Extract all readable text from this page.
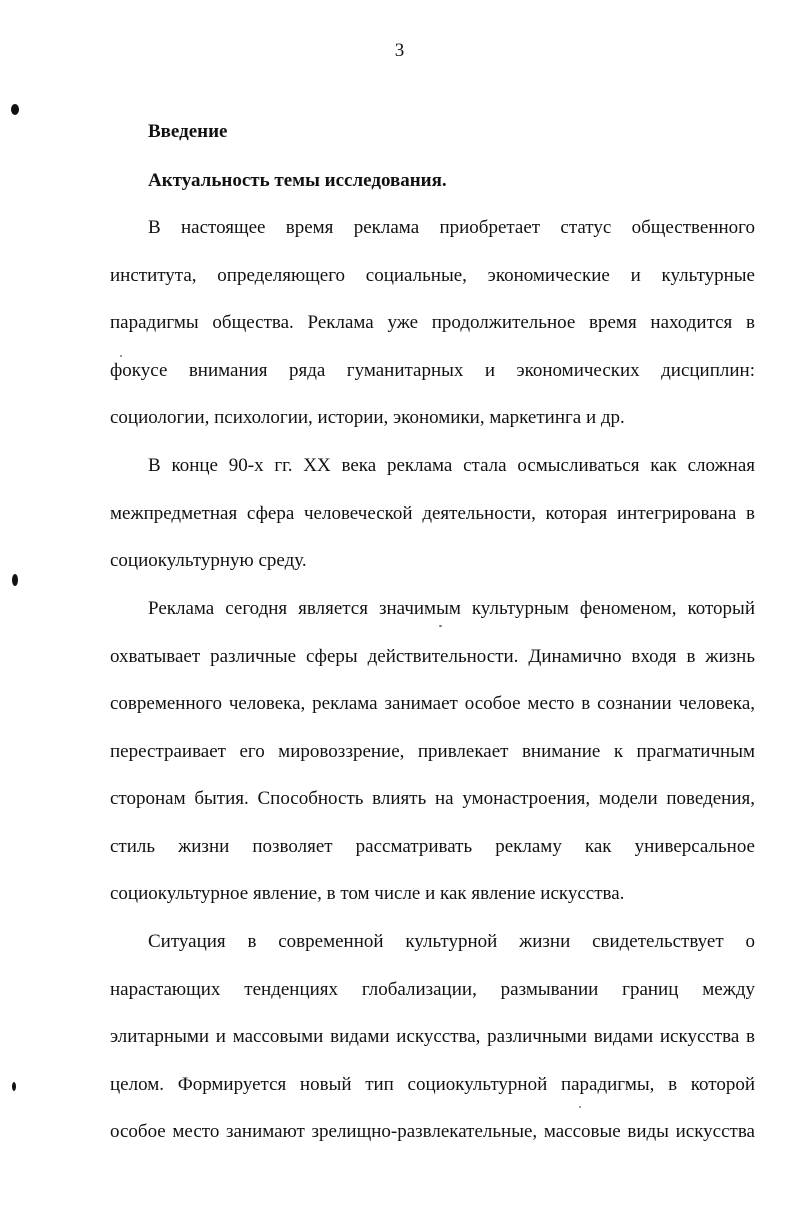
3
Введение
Актуальность темы исследования.
В настоящее время реклама приобретает статус общественного
института, определяющего социальные, экономические и культурные
парадигмы общества. Реклама уже продолжительное время находится в
фокусе внимания ряда гуманитарных и экономических дисциплин:
социологии, психологии, истории, экономики, маркетинга и др.
В конце 90-х гг. XX века реклама стала осмысливаться как сложная
межпредметная сфера человеческой деятельности, которая интегрирована в
социокультурную среду.
Реклама сегодня является значимым культурным феноменом, который
охватывает различные сферы действительности. Динамично входя в жизнь
современного человека, реклама занимает особое место в сознании человека,
перестраивает его мировоззрение, привлекает внимание к прагматичным
сторонам бытия. Способность влиять на умонастроения, модели поведения,
стиль жизни позволяет рассматривать рекламу как универсальное
социокультурное явление, в том числе и как явление искусства.
Ситуация в современной культурной жизни свидетельствует о
нарастающих тенденциях глобализации, размывании границ между
элитарными и массовыми видами искусства, различными видами искусства в
целом. Формируется новый тип социокультурной парадигмы, в которой
особое место занимают зрелищно-развлекательные, массовые виды искусства
